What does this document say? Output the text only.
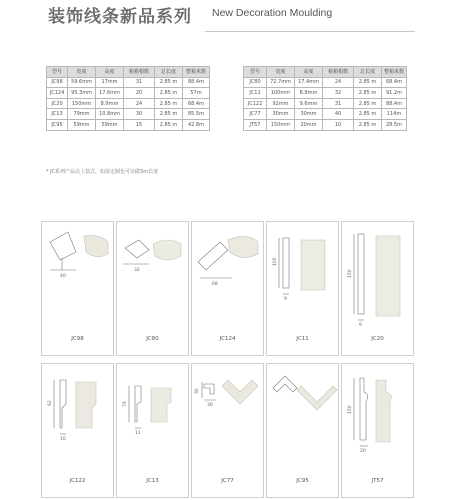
装饰线条新品系列 New Decoration Moulding
型号	宽度	高度	箱箱根数	总长度	整箱米数
JC98	59.6mm	17mm	31	2.85 m	88.4m
JC124	95.3mm	17.6mm	20	2.85 m	57m
JC20	150mm	8.9mm	24	2.85 m	68.4m
JC13	79mm	10.8mm	30	2.85 m	85.5m
JC95	59mm	59mm	15	2.85 m	42.8m
型号	宽度	高度	箱箱根数	总长度	整箱米数
JC80	72.7mm	17.4mm	24	2.85 m	68.4m
JC11	100mm	8.9mm	32	2.85 m	91.2m
JC122	92mm	9.6mm	31	2.85 m	88.4m
JC77	30mm	30mm	40	2.85 m	114m
JT57	150mm	20mm	10	2.85 m	28.5m
* JC系列产品以上款式，如需定制也可以做3m长度
40
JC98
32
JC80
68
JC124
100
9
JC11
150
9
JC20
92
10
JC122
79
11
JC13
30
30
JC77	JC95
150
20
JT57
